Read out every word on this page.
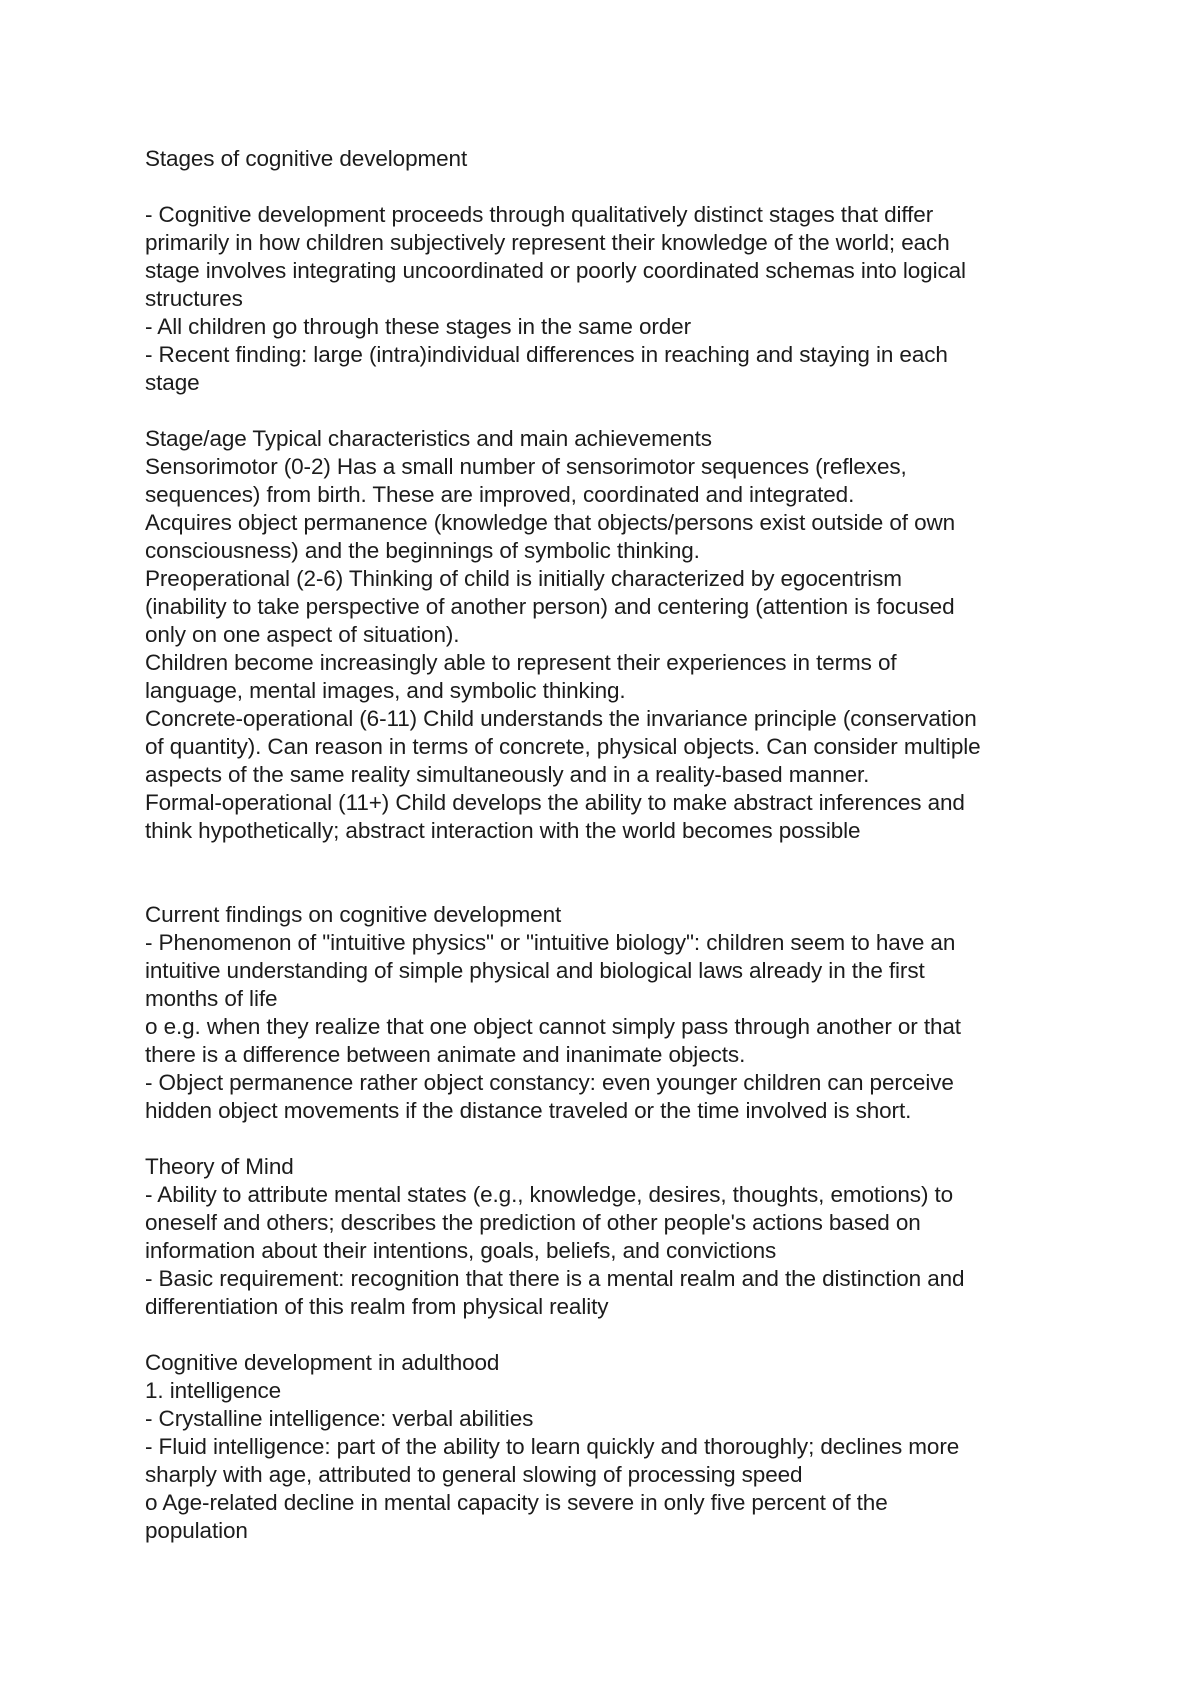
Stages of cognitive development
- Cognitive development proceeds through qualitatively distinct stages that differ
primarily in how children subjectively represent their knowledge of the world; each
stage involves integrating uncoordinated or poorly coordinated schemas into logical
structures
- All children go through these stages in the same order
- Recent finding: large (intra)individual differences in reaching and staying in each
stage
Stage/age Typical characteristics and main achievements
Sensorimotor (0-2) Has a small number of sensorimotor sequences (reflexes,
sequences) from birth. These are improved, coordinated and integrated.
Acquires object permanence (knowledge that objects/persons exist outside of own
consciousness) and the beginnings of symbolic thinking.
Preoperational (2-6) Thinking of child is initially characterized by egocentrism
(inability to take perspective of another person) and centering (attention is focused
only on one aspect of situation).
Children become increasingly able to represent their experiences in terms of
language, mental images, and symbolic thinking.
Concrete-operational (6-11) Child understands the invariance principle (conservation
of quantity). Can reason in terms of concrete, physical objects. Can consider multiple
aspects of the same reality simultaneously and in a reality-based manner.
Formal-operational (11+) Child develops the ability to make abstract inferences and
think hypothetically; abstract interaction with the world becomes possible
Current findings on cognitive development
- Phenomenon of "intuitive physics" or "intuitive biology": children seem to have an
intuitive understanding of simple physical and biological laws already in the first
months of life
o e.g. when they realize that one object cannot simply pass through another or that
there is a difference between animate and inanimate objects.
- Object permanence rather object constancy: even younger children can perceive
hidden object movements if the distance traveled or the time involved is short.
Theory of Mind
- Ability to attribute mental states (e.g., knowledge, desires, thoughts, emotions) to
oneself and others; describes the prediction of other people's actions based on
information about their intentions, goals, beliefs, and convictions
- Basic requirement: recognition that there is a mental realm and the distinction and
differentiation of this realm from physical reality
Cognitive development in adulthood
1. intelligence
- Crystalline intelligence: verbal abilities
- Fluid intelligence: part of the ability to learn quickly and thoroughly; declines more
sharply with age, attributed to general slowing of processing speed
o Age-related decline in mental capacity is severe in only five percent of the
population
